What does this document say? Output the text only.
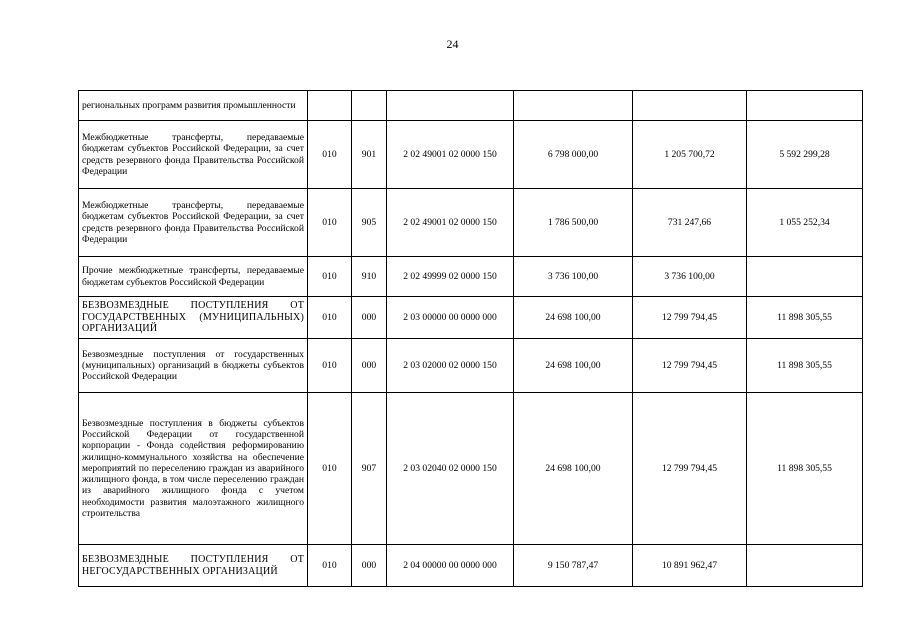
24
региональных программ развития промышленности						
Межбюджетные трансферты, передаваемые бюджетам субъектов Российской Федерации, за счет средств резервного фонда Правительства Российской Федерации	010	901	2 02 49001 02 0000 150	6 798 000,00	1 205 700,72	5 592 299,28
Межбюджетные трансферты, передаваемые бюджетам субъектов Российской Федерации, за счет средств резервного фонда Правительства Российской Федерации	010	905	2 02 49001 02 0000 150	1 786 500,00	731 247,66	1 055 252,34
Прочие межбюджетные трансферты, передаваемые бюджетам субъектов Российской Федерации	010	910	2 02 49999 02 0000 150	3 736 100,00	3 736 100,00	
БЕЗВОЗМЕЗДНЫЕ ПОСТУПЛЕНИЯ ОТ ГОСУДАРСТВЕННЫХ (МУНИЦИПАЛЬНЫХ) ОРГАНИЗАЦИЙ	010	000	2 03 00000 00 0000 000	24 698 100,00	12 799 794,45	11 898 305,55
Безвозмездные поступления от государственных (муниципальных) организаций в бюджеты субъектов Российской Федерации	010	000	2 03 02000 02 0000 150	24 698 100,00	12 799 794,45	11 898 305,55
Безвозмездные поступления в бюджеты субъектов Российской Федерации от государственной корпорации - Фонда содействия реформированию жилищно-коммунального хозяйства на обеспечение мероприятий по переселению граждан из аварийного жилищного фонда, в том числе переселению граждан из аварийного жилищного фонда с учетом необходимости развития малоэтажного жилищного строительства	010	907	2 03 02040 02 0000 150	24 698 100,00	12 799 794,45	11 898 305,55
БЕЗВОЗМЕЗДНЫЕ ПОСТУПЛЕНИЯ ОТ НЕГОСУДАРСТВЕННЫХ ОРГАНИЗАЦИЙ	010	000	2 04 00000 00 0000 000	9 150 787,47	10 891 962,47	
